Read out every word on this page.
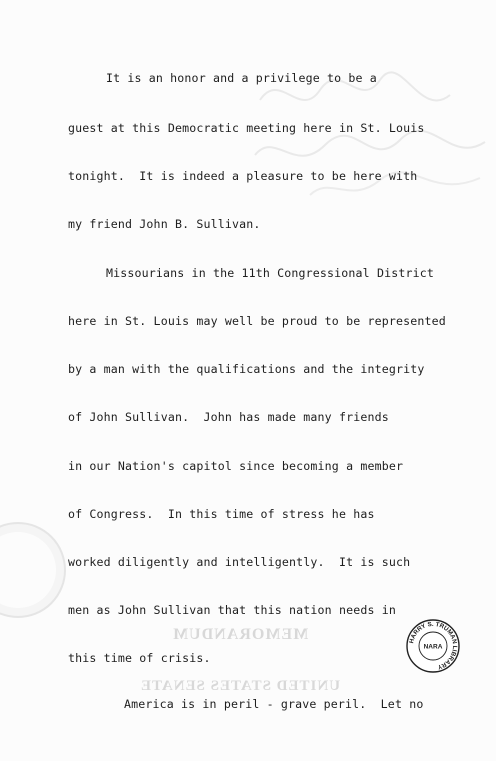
​
It is an honor and a privilege to be a
guest at this Democratic meeting here in St. Louis
tonight.  It is indeed a pleasure to be here with
my friend John B. Sullivan.
Missourians in the 11th Congressional District
here in St. Louis may well be proud to be represented
by a man with the qualifications and the integrity
of John Sullivan.  John has made many friends
in our Nation's capitol since becoming a member
of Congress.  In this time of stress he has
worked diligently and intelligently.  It is such
men as John Sullivan that this nation needs in
this time of crisis.
MEMORANDUM
UNITED STATES SENATE
America is in peril - grave peril.  Let no
HARRY S. TRUMAN LIBRARY
NARA
